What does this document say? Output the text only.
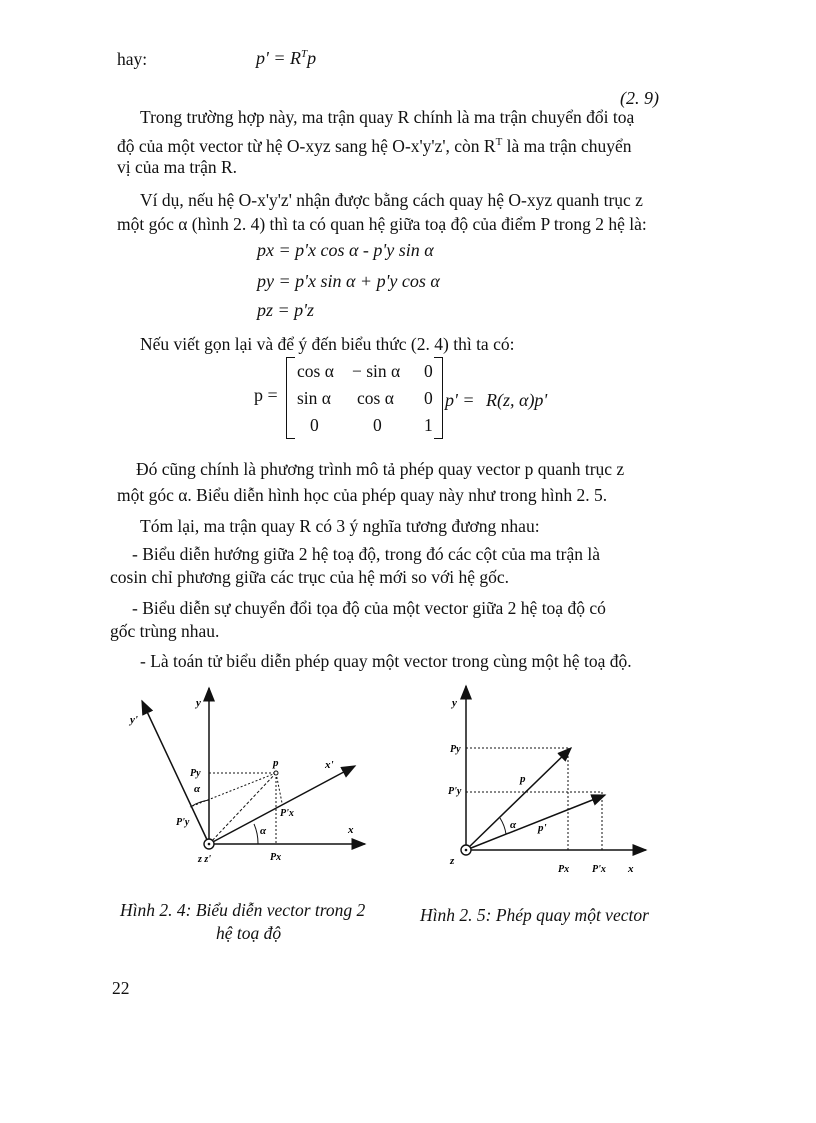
hay:	$p' = R^Tp$
(2. 9)
Trong trường hợp này, ma trận quay R chính là ma trận chuyển đổi toạ
độ của một vector từ hệ O-xyz sang hệ O-x'y'z', còn $R^T$ là ma trận chuyển
vị của ma trận R.
Ví dụ, nếu hệ O-x'y'z' nhận được bằng cách quay hệ O-xyz quanh trục z
một góc α (hình 2. 4) thì ta có quan hệ giữa toạ độ của điểm P trong 2 hệ là:
px = p'x cos α - p'y sin α
py = p'x sin α + p'y cos α
pz = p'z
Nếu viết gọn lại và để ý đến biểu thức (2. 4) thì ta có:
p =
cos α − sin α 0
sin α cos α 0
0	0 1
p' = R(z, α)p'
Đó cũng chính là phương trình mô tả phép quay vector p quanh trục z
một góc α. Biểu diễn hình học của phép quay này như trong hình 2. 5.
Tóm lại, ma trận quay R có 3 ý nghĩa tương đương nhau:
- Biểu diễn hướng giữa 2 hệ toạ độ, trong đó các cột của ma trận là
cosin chỉ phương giữa các trục của hệ mới so với hệ gốc.
- Biểu diễn sự chuyển đổi tọa độ của một vector giữa 2 hệ toạ độ có
gốc trùng nhau.
- Là toán tử biểu diễn phép quay một vector trong cùng một hệ toạ độ.
y
y'
x'
x
p
Py
P'y
Px
P'x
α
α
z z'
y
x
z
p
p'
Py
P'y
Px P'x
α
Hình 2. 4: Biểu diễn vector trong 2
hệ toạ độ
Hình 2. 5: Phép quay một vector
22
